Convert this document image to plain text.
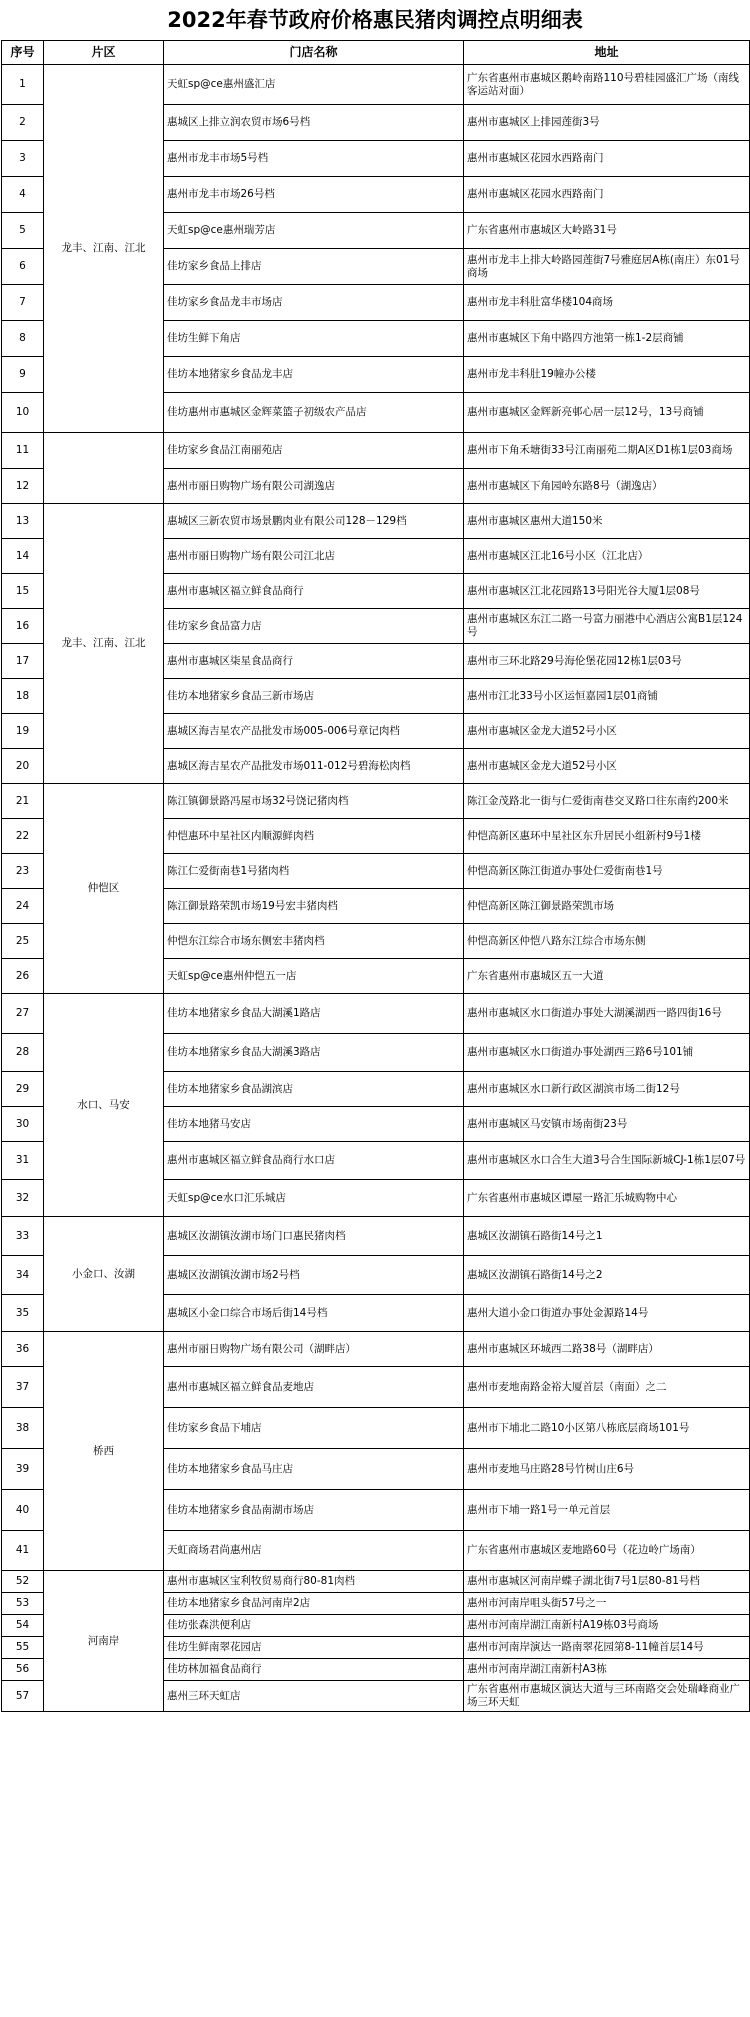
2022年春节政府价格惠民猪肉调控点明细表
序号	片区	门店名称	地址
1	龙丰、江南、江北	天虹sp@ce惠州盛汇店	广东省惠州市惠城区鹅岭南路110号碧桂园盛汇广场（南线客运站对面）
2		惠城区上排立润农贸市场6号档	惠州市惠城区上排园莲街3号
3		惠州市龙丰市场5号档	惠州市惠城区花园水西路南门
4		惠州市龙丰市场26号档	惠州市惠城区花园水西路南门
5		天虹sp@ce惠州瑞芳店	广东省惠州市惠城区大岭路31号
6		佳坊家乡食品上排店	惠州市龙丰上排大岭路园莲街7号雅庭居A栋(南庄）东01号商场
7		佳坊家乡食品龙丰市场店	惠州市龙丰科肚富华楼104商场
8		佳坊生鲜下角店	惠州市惠城区下角中路四方池第一栋1-2层商铺
9		佳坊本地猪家乡食品龙丰店	惠州市龙丰科肚19幢办公楼
10		佳坊惠州市惠城区金辉菜篮子初级农产品店	惠州市惠城区金辉新亮邨心居一层12号，13号商铺
11		佳坊家乡食品江南丽苑店	惠州市下角禾塘街33号江南丽苑二期A区D1栋1层03商场
12		惠州市丽日购物广场有限公司湖逸店	惠州市惠城区下角园岭东路8号（湖逸店）
13	龙丰、江南、江北	惠城区三新农贸市场景鹏肉业有限公司128－129档	惠州市惠城区惠州大道150米
14		惠州市丽日购物广场有限公司江北店	惠州市惠城区江北16号小区（江北店）
15		惠州市惠城区福立鲜食品商行	惠州市惠城区江北花园路13号阳光谷大厦1层08号
16		佳坊家乡食品富力店	惠州市惠城区东江二路一号富力丽港中心酒店公寓B1层124号
17		惠州市惠城区柒星食品商行	惠州市三环北路29号海伦堡花园12栋1层03号
18		佳坊本地猪家乡食品三新市场店	惠州市江北33号小区运恒嘉园1层01商铺
19		惠城区海吉星农产品批发市场005-006号章记肉档	惠州市惠城区金龙大道52号小区
20		惠城区海吉星农产品批发市场011-012号碧海松肉档	惠州市惠城区金龙大道52号小区
21	仲恺区	陈江镇御景路冯屋市场32号饶记猪肉档	陈江金茂路北一街与仁爱街南巷交叉路口往东南约200米
22		仲恺惠环中星社区内顺源鲜肉档	仲恺高新区惠环中星社区东升居民小组新村9号1楼
23		陈江仁爱街南巷1号猪肉档	仲恺高新区陈江街道办事处仁爱街南巷1号
24		陈江御景路荣凯市场19号宏丰猪肉档	仲恺高新区陈江御景路荣凯市场
25		仲恺东江综合市场东侧宏丰猪肉档	仲恺高新区仲恺八路东江综合市场东侧
26		天虹sp@ce惠州仲恺五一店	广东省惠州市惠城区五一大道
27	水口、马安	佳坊本地猪家乡食品大湖溪1路店	惠州市惠城区水口街道办事处大湖溪湖西一路四街16号
28		佳坊本地猪家乡食品大湖溪3路店	惠州市惠城区水口街道办事处湖西三路6号101铺
29		佳坊本地猪家乡食品湖滨店	惠州市惠城区水口新行政区湖滨市场二街12号
30		佳坊本地猪马安店	惠州市惠城区马安镇市场南街23号
31		惠州市惠城区福立鲜食品商行水口店	惠州市惠城区水口合生大道3号合生国际新城CJ-1栋1层07号
32		天虹sp@ce水口汇乐城店	广东省惠州市惠城区谭屋一路汇乐城购物中心
33	小金口、汝湖	惠城区汝湖镇汝湖市场门口惠民猪肉档	惠城区汝湖镇石路街14号之1
34		惠城区汝湖镇汝湖市场2号档	惠城区汝湖镇石路街14号之2
35		惠城区小金口综合市场后街14号档	惠州大道小金口街道办事处金源路14号
36	桥西	惠州市丽日购物广场有限公司（湖畔店）	惠州市惠城区环城西二路38号（湖畔店）
37		惠州市惠城区福立鲜食品麦地店	惠州市麦地南路金裕大厦首层（南面）之二
38		佳坊家乡食品下埔店	惠州市下埔北二路10小区第八栋底层商场101号
39		佳坊本地猪家乡食品马庄店	惠州市麦地马庄路28号竹树山庄6号
40		佳坊本地猪家乡食品南湖市场店	惠州市下埔一路1号一单元首层
41		天虹商场君尚惠州店	广东省惠州市惠城区麦地路60号（花边岭广场南）
52	河南岸	惠州市惠城区宝利牧贸易商行80-81肉档	惠州市惠城区河南岸蝶子湖北街7号1层80-81号档
53		佳坊本地猪家乡食品河南岸2店	惠州市河南岸咀头街57号之一
54		佳坊张森洪便利店	惠州市河南岸湖江南新村A19栋03号商场
55		佳坊生鲜南翠花园店	惠州市河南岸演达一路南翠花园第8-11幢首层14号
56		佳坊林加福食品商行	惠州市河南岸湖江南新村A3栋
57		惠州三环天虹店	广东省惠州市惠城区演达大道与三环南路交会处瑞峰商业广场三环天虹
